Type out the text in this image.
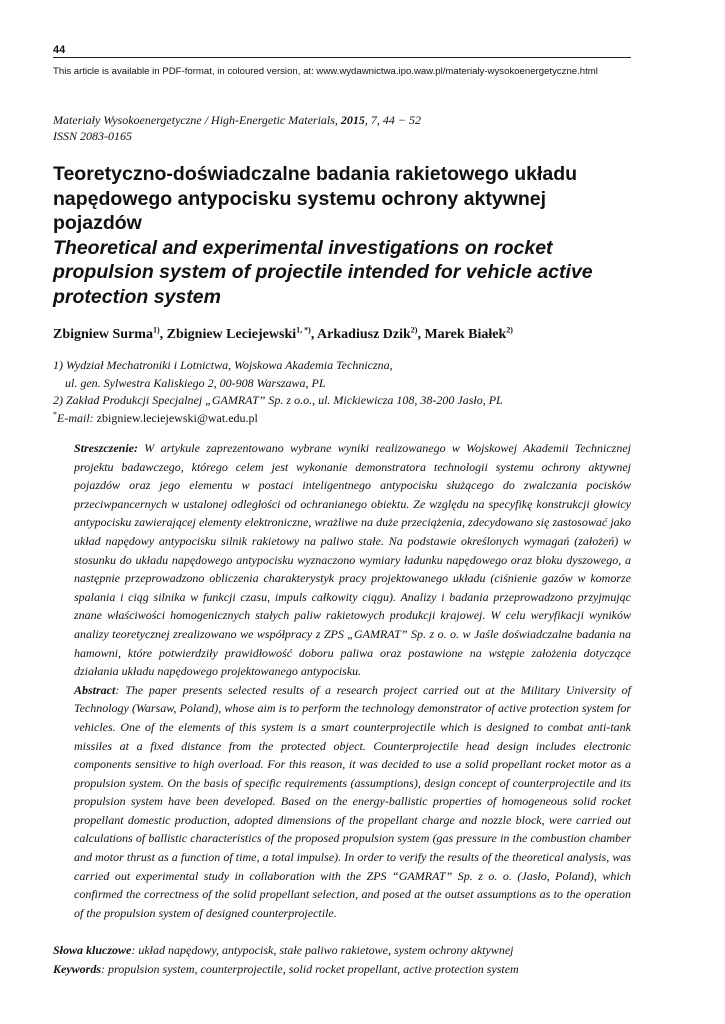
44
This article is available in PDF-format, in coloured version, at: www.wydawnictwa.ipo.waw.pl/materialy-wysokoenergetyczne.html
Materiały Wysokoenergetyczne / High-Energetic Materials, 2015, 7, 44 − 52
ISSN 2083-0165
Teoretyczno-doświadczalne badania rakietowego układu
napędowego antypocisku systemu ochrony aktywnej
pojazdów
Theoretical and experimental investigations on rocket
propulsion system of projectile intended for vehicle active
protection system
Zbigniew Surma$^{1)}$, Zbigniew Leciejewski$^{1, *)}$, Arkadiusz Dzik$^{2)}$, Marek Białek$^{2)}$
1) Wydział Mechatroniki i Lotnictwa, Wojskowa Akademia Techniczna,
ul. gen. Sylwestra Kaliskiego 2, 00-908 Warszawa, PL
2) Zakład Produkcji Specjalnej „GAMRAT” Sp. z o.o., ul. Mickiewicza 108, 38-200 Jasło, PL
*E-mail: zbigniew.leciejewski@wat.edu.pl

Streszczenie: W artykule zaprezentowano wybrane wyniki realizowanego w Wojskowej Akademii Technicznej projektu badawczego, którego celem jest wykonanie demonstratora technologii systemu ochrony aktywnej pojazdów oraz jego elementu w postaci inteligentnego antypocisku służącego do zwalczania pocisków przeciwpancernych w ustalonej odległości od ochranianego obiektu. Ze względu na specyfikę konstrukcji głowicy antypocisku zawierającej elementy elektroniczne, wrażliwe na duże przeciążenia, zdecydowano się zastosować jako układ napędowy antypocisku silnik rakietowy na paliwo stałe. Na podstawie określonych wymagań (założeń) w stosunku do układu napędowego antypocisku wyznaczono wymiary ładunku napędowego oraz bloku dyszowego, a następnie przeprowadzono obliczenia charakterystyk pracy projektowanego układu (ciśnienie gazów w komorze spalania i ciąg silnika w funkcji czasu, impuls całkowity ciągu). Analizy i badania przeprowadzono przyjmując znane właściwości homogenicznych stałych paliw rakietowych produkcji krajowej. W celu weryfikacji wyników analizy teoretycznej zrealizowano we współpracy z ZPS „GAMRAT” Sp. z o. o. w Jaśle doświadczalne badania na hamowni, które potwierdziły prawidłowość doboru paliwa oraz postawione na wstępie założenia dotyczące działania układu napędowego projektowanego antypocisku.

Abstract: The paper presents selected results of a research project carried out at the Military University of Technology (Warsaw, Poland), whose aim is to perform the technology demonstrator of active protection system for vehicles. One of the elements of this system is a smart counterprojectile which is designed to combat anti-tank missiles at a fixed distance from the protected object. Counterprojectile head design includes electronic components sensitive to high overload. For this reason, it was decided to use a solid propellant rocket motor as a propulsion system. On the basis of specific requirements (assumptions), design concept of counterprojectile and its propulsion system have been developed. Based on the energy-ballistic properties of homogeneous solid rocket propellant domestic production, adopted dimensions of the propellant charge and nozzle block, were carried out calculations of ballistic characteristics of the proposed propulsion system (gas pressure in the combustion chamber and motor thrust as a function of time, a total impulse). In order to verify the results of the theoretical analysis, was carried out experimental study in collaboration with the ZPS “GAMRAT” Sp. z o. o. (Jasło, Poland), which confirmed the correctness of the solid propellant selection, and posed at the outset assumptions as to the operation of the propulsion system of designed counterprojectile.

Słowa kluczowe: układ napędowy, antypocisk, stałe paliwo rakietowe, system ochrony aktywnej
Keywords: propulsion system, counterprojectile, solid rocket propellant, active protection system
